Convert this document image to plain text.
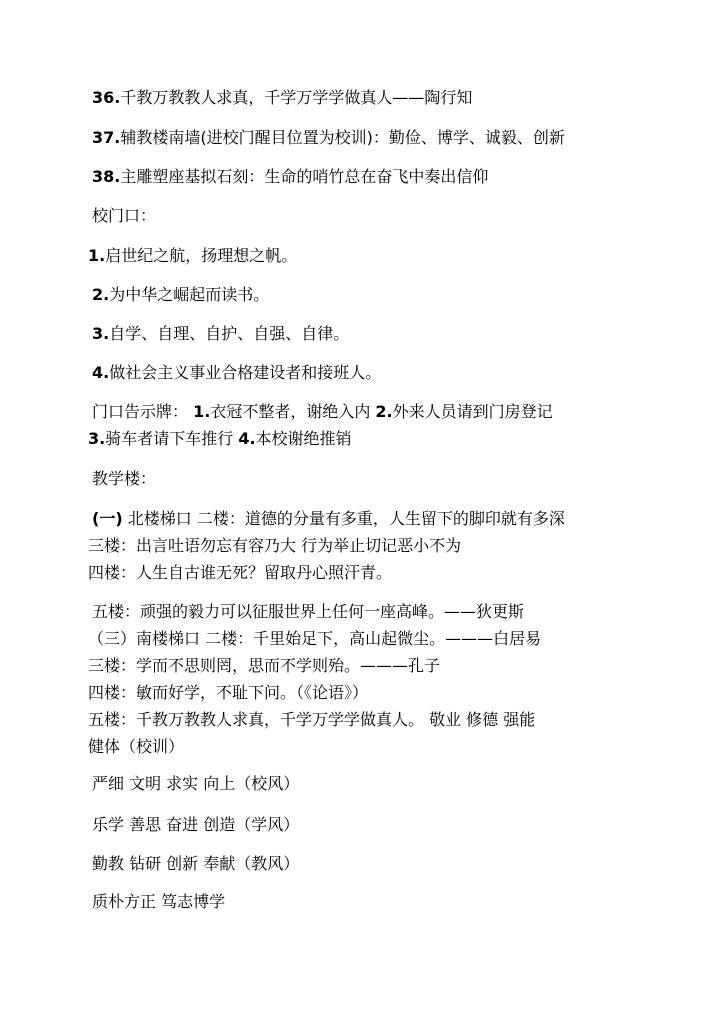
36.千教万教教人求真，千学万学学做真人——陶行知
37.辅教楼南墙(进校门醒目位置为校训)：勤俭、博学、诚毅、创新
38.主雕塑座基拟石刻：生命的哨竹总在奋飞中奏出信仰
校门口：
1.启世纪之航，扬理想之帆。
2.为中华之崛起而读书。
3.自学、自理、自护、自强、自律。
4.做社会主义事业合格建设者和接班人。
门口告示牌： 1.衣冠不整者，谢绝入内 2.外来人员请到门房登记
3.骑车者请下车推行 4.本校谢绝推销
教学楼：
(一) 北楼梯口 二楼：道德的分量有多重，人生留下的脚印就有多深
三楼：出言吐语勿忘有容乃大 行为举止切记恶小不为
四楼：人生自古谁无死？留取丹心照汗青。
五楼：顽强的毅力可以征服世界上任何一座高峰。——狄更斯
（三）南楼梯口 二楼：千里始足下，高山起微尘。———白居易
三楼：学而不思则罔，思而不学则殆。———孔子
四楼：敏而好学，不耻下问。（《论语》）
五楼：千教万教教人求真，千学万学学做真人。 敬业 修德 强能
健体（校训）
严细 文明 求实 向上（校风）
乐学 善思 奋进 创造（学风）
勤教 钻研 创新 奉献（教风）
质朴方正 笃志博学
